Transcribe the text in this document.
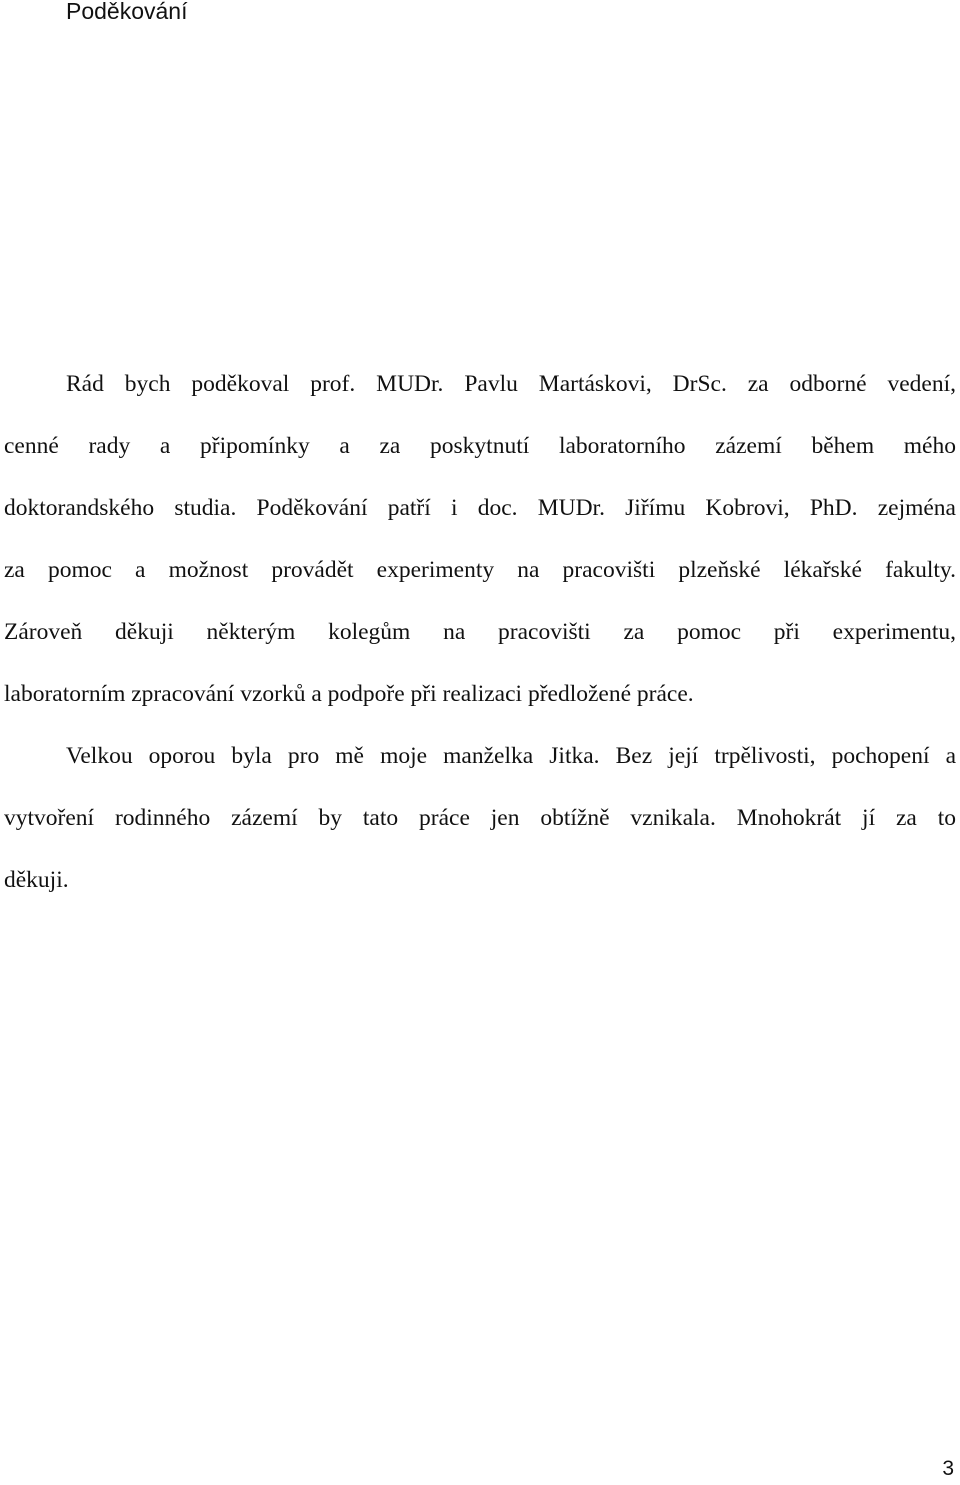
Poděkování

Rád bych poděkoval prof. MUDr. Pavlu Martáskovi, DrSc. za odborné vedení,

cenné rady a připomínky a za poskytnutí laboratorního zázemí během mého

doktorandského studia. Poděkování patří i doc. MUDr. Jiřímu Kobrovi, PhD. zejména

za pomoc a možnost provádět experimenty na pracovišti plzeňské lékařské fakulty.

Zároveň děkuji některým kolegům na pracovišti za pomoc při experimentu,

laboratorním zpracování vzorků a podpoře při realizaci předložené práce.

Velkou oporou byla pro mě moje manželka Jitka. Bez její trpělivosti, pochopení a

vytvoření rodinného zázemí by tato práce jen obtížně vznikala. Mnohokrát jí za to

děkuji.

3
